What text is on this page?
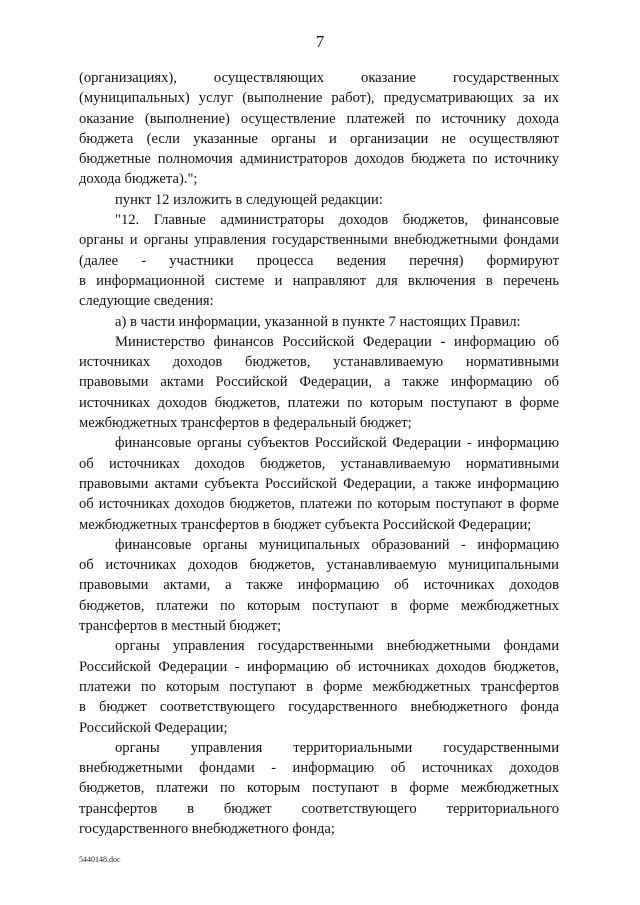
7

(организациях), осуществляющих оказание государственных
(муниципальных) услуг (выполнение работ), предусматривающих за их
оказание (выполнение) осуществление платежей по источнику дохода
бюджета (если указанные органы и организации не осуществляют
бюджетные полномочия администраторов доходов бюджета по источнику
дохода бюджета).";

пункт 12 изложить в следующей редакции:

"12. Главные администраторы доходов бюджетов, финансовые
органы и органы управления государственными внебюджетными фондами
(далее - участники процесса ведения перечня) формируют
в информационной системе и направляют для включения в перечень
следующие сведения:

а) в части информации, указанной в пункте 7 настоящих Правил:

Министерство финансов Российской Федерации - информацию об
источниках доходов бюджетов, устанавливаемую нормативными
правовыми актами Российской Федерации, а также информацию об
источниках доходов бюджетов, платежи по которым поступают в форме
межбюджетных трансфертов в федеральный бюджет;

финансовые органы субъектов Российской Федерации - информацию
об источниках доходов бюджетов, устанавливаемую нормативными
правовыми актами субъекта Российской Федерации, а также информацию
об источниках доходов бюджетов, платежи по которым поступают в форме
межбюджетных трансфертов в бюджет субъекта Российской Федерации;

финансовые органы муниципальных образований - информацию
об источниках доходов бюджетов, устанавливаемую муниципальными
правовыми актами, а также информацию об источниках доходов
бюджетов, платежи по которым поступают в форме межбюджетных
трансфертов в местный бюджет;

органы управления государственными внебюджетными фондами
Российской Федерации - информацию об источниках доходов бюджетов,
платежи по которым поступают в форме межбюджетных трансфертов
в бюджет соответствующего государственного внебюджетного фонда
Российской Федерации;

органы управления территориальными государственными
внебюджетными фондами - информацию об источниках доходов
бюджетов, платежи по которым поступают в форме межбюджетных
трансфертов в бюджет соответствующего территориального
государственного внебюджетного фонда;

5440148.doc
